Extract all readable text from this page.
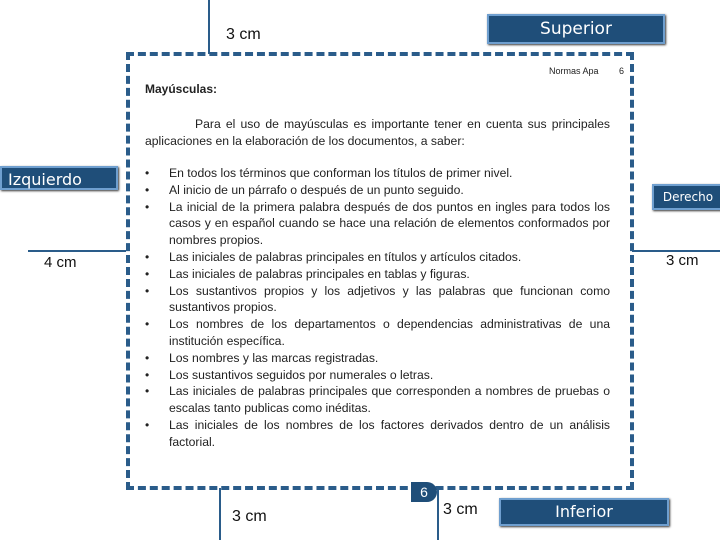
Superior
3 cm
Izquierdo
4 cm
Derecho
3 cm
Inferior
3 cm	3 cm
6
Normas Apa 6
Mayúsculas:
Para el uso de mayúsculas es importante tener en cuenta sus principales aplicaciones en la elaboración de los documentos, a saber:
• En todos los términos que conforman los títulos de primer nivel.
• Al inicio de un párrafo o después de un punto seguido.
• La inicial de la primera palabra después de dos puntos en ingles para todos los casos y en español cuando se hace una relación de elementos conformados por nombres propios.
• Las iniciales de palabras principales en títulos y artículos citados.
• Las iniciales de palabras principales en tablas y figuras.
• Los sustantivos propios y los adjetivos y las palabras que funcionan como sustantivos propios.
• Los nombres de los departamentos o dependencias administrativas de una institución específica.
• Los nombres y las marcas registradas.
• Los sustantivos seguidos por numerales o letras.
• Las iniciales de palabras principales que corresponden a nombres de pruebas o escalas tanto publicas como inéditas.
• Las iniciales de los nombres de los factores derivados dentro de un análisis factorial.
